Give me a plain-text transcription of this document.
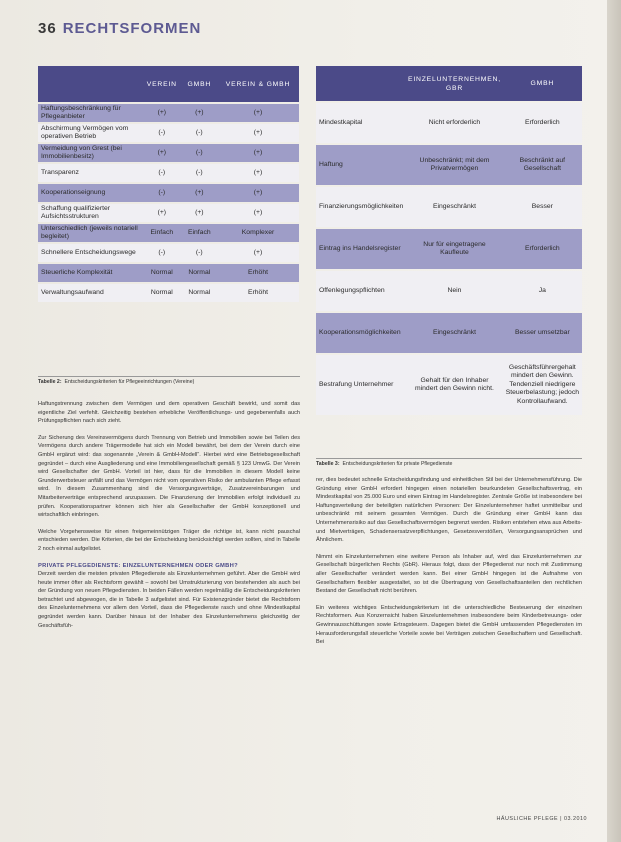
36 RECHTSFORMEN
	VEREIN	GMBH	VEREIN & GMBH
Haftungsbeschränkung für Pflegeanbieter	(+)	(+)	(+)
Abschirmung Vermögen vom operativen Betrieb	(-)	(-)	(+)
Vermeidung von Grest (bei Immobilienbesitz)	(+)	(-)	(+)
Transparenz	(-)	(-)	(+)
Kooperationseignung	(-)	(+)	(+)
Schaffung qualifizierter Aufsichtsstrukturen	(+)	(+)	(+)
Unterschiedlich (jeweils notariell begleitet)	Einfach	Einfach	Komplexer
Schnellere Entscheidungswege	(-)	(-)	(+)
Steuerliche Komplexität	Normal	Normal	Erhöht
Verwaltungsaufwand	Normal	Normal	Erhöht
Tabelle 2: Entscheidungskriterien für Pflegeeinrichtungen (Vereine)
	EINZELUNTERNEHMEN, GBR	GMBH
Mindestkapital	Nicht erforderlich	Erforderlich
Haftung	Unbeschränkt; mit dem Privatvermögen	Beschränkt auf Gesellschaft
Finanzierungsmöglichkeiten	Eingeschränkt	Besser
Eintrag ins Handelsregister	Nur für eingetragene Kaufleute	Erforderlich
Offenlegungspflichten	Nein	Ja
Kooperationsmöglichkeiten	Eingeschränkt	Besser umsetzbar
Bestrafung Unternehmer	Gehalt für den Inhaber mindert den Gewinn nicht.	Geschäftsführergehalt mindert den Gewinn. Tendenziell niedrigere Steuerbelastung; jedoch Kontrollaufwand.
Tabelle 3: Entscheidungskriterien für private Pflegedienste

Haftungstrennung zwischen dem Vermögen und dem operativen Geschäft bewirkt, und somit das eigentliche Ziel verfehlt. Gleichzeitig bestehen erhebliche Veröffentlichungs- und gegebenenfalls auch Prüfungspflichten nach sich zieht.

Zur Sicherung des Vereinsvermögens durch Trennung von Betrieb und Immobilien sowie bei Teilen des Vermögens durch andere Trägermodelle hat sich ein Modell bewährt, bei dem der Verein durch eine GmbH ergänzt wird: das sogenannte „Verein & GmbH-Modell“. Hierbei wird eine Betriebsgesellschaft gegründet – durch eine Ausgliederung und eine Immobiliengesellschaft gemäß § 123 UmwG. Der Verein wird Gesellschafter der GmbH. Vorteil ist hier, dass für die Immobilien in diesem Modell keine Grunderwerbsteuer anfällt und das Vermögen nicht vom operativen Risiko der ambulanten Pflege erfasst wird. In diesem Zusammenhang sind die Versorgungsverträge, Zusatzvereinbarungen und Mitarbeiterverträge entsprechend anzupassen. Die Finanzierung der Immobilien erfolgt individuell zu prüfen. Kooperationspartner können sich hier als Gesellschafter der GmbH konzeptionell und wirtschaftlich einbringen.

Welche Vorgehensweise für einen freigemeinnützigen Träger die richtige ist, kann nicht pauschal entschieden werden. Die Kriterien, die bei der Entscheidung berücksichtigt werden sollten, sind in Tabelle 2 noch einmal aufgelistet.

PRIVATE PFLEGEDIENSTE: EINZELUNTERNEHMEN ODER GMBH?

Derzeit werden die meisten privaten Pflegedienste als Einzelunternehmen geführt. Aber die GmbH wird heute immer öfter als Rechtsform gewählt – sowohl bei Umstrukturierung von bestehenden als auch bei der Gründung von neuen Pflegediensten. In beiden Fällen werden regelmäßig die Entscheidungskriterien betrachtet und abgewogen, die in Tabelle 3 aufgelistet sind. Für Existenzgründer bietet die Rechtsform des Einzelunternehmens vor allem den Vorteil, dass die Pflegedienste rasch und ohne Mindestkapital gegründet werden kann. Darüber hinaus ist der Inhaber des Einzelunternehmens gleichzeitig der Geschäftsfüh-

rer, dies bedeutet schnelle Entscheidungsfindung und einheitlichen Stil bei der Unternehmensführung. Die Gründung einer GmbH erfordert hingegen einen notariellen beurkundeten Gesellschaftsvertrag, ein Mindestkapital von 25.000 Euro und einen Eintrag im Handelsregister. Zentrale Größe ist insbesondere bei Haftungsverteilung der beteiligten natürlichen Personen: Der Einzelunternehmer haftet unmittelbar und unbeschränkt mit seinem gesamten Vermögen. Durch die Gründung einer GmbH kann das Unternehmensrisiko auf das Gesellschaftsvermögen begrenzt werden. Risiken entstehen etwa aus Arbeits- und Mietverträgen, Schadensersatzverpflichtungen, Gesetzesverstößen, Versorgungsansprüchen und Ähnlichem.

Nimmt ein Einzelunternehmen eine weitere Person als Inhaber auf, wird das Einzelunternehmen zur Gesellschaft bürgerlichen Rechts (GbR). Hieraus folgt, dass der Pflegedienst nur noch mit Zustimmung aller Gesellschafter verändert werden kann. Bei einer GmbH hingegen ist die Aufnahme von Gesellschaftern flexibler ausgestaltet, so ist die Übertragung von Gesellschaftsanteilen den rechtlichen Bestand der Gesellschaft nicht berühren.

Ein weiteres wichtiges Entscheidungskriterium ist die unterschiedliche Besteuerung der einzelnen Rechtsformen. Aus Konzernsicht haben Einzelunternehmen insbesondere beim Kinderbetreuungs- oder Gewinnausschüttungen sowie Ertragsteuern. Dagegen bietet die GmbH umfassenden Pflegediensten im Herausforderungsfall steuerliche Vorteile sowie bei Verträgen zwischen Gesellschaftern und Gesellschaft. Bei

HÄUSLICHE PFLEGE | 03.2010
